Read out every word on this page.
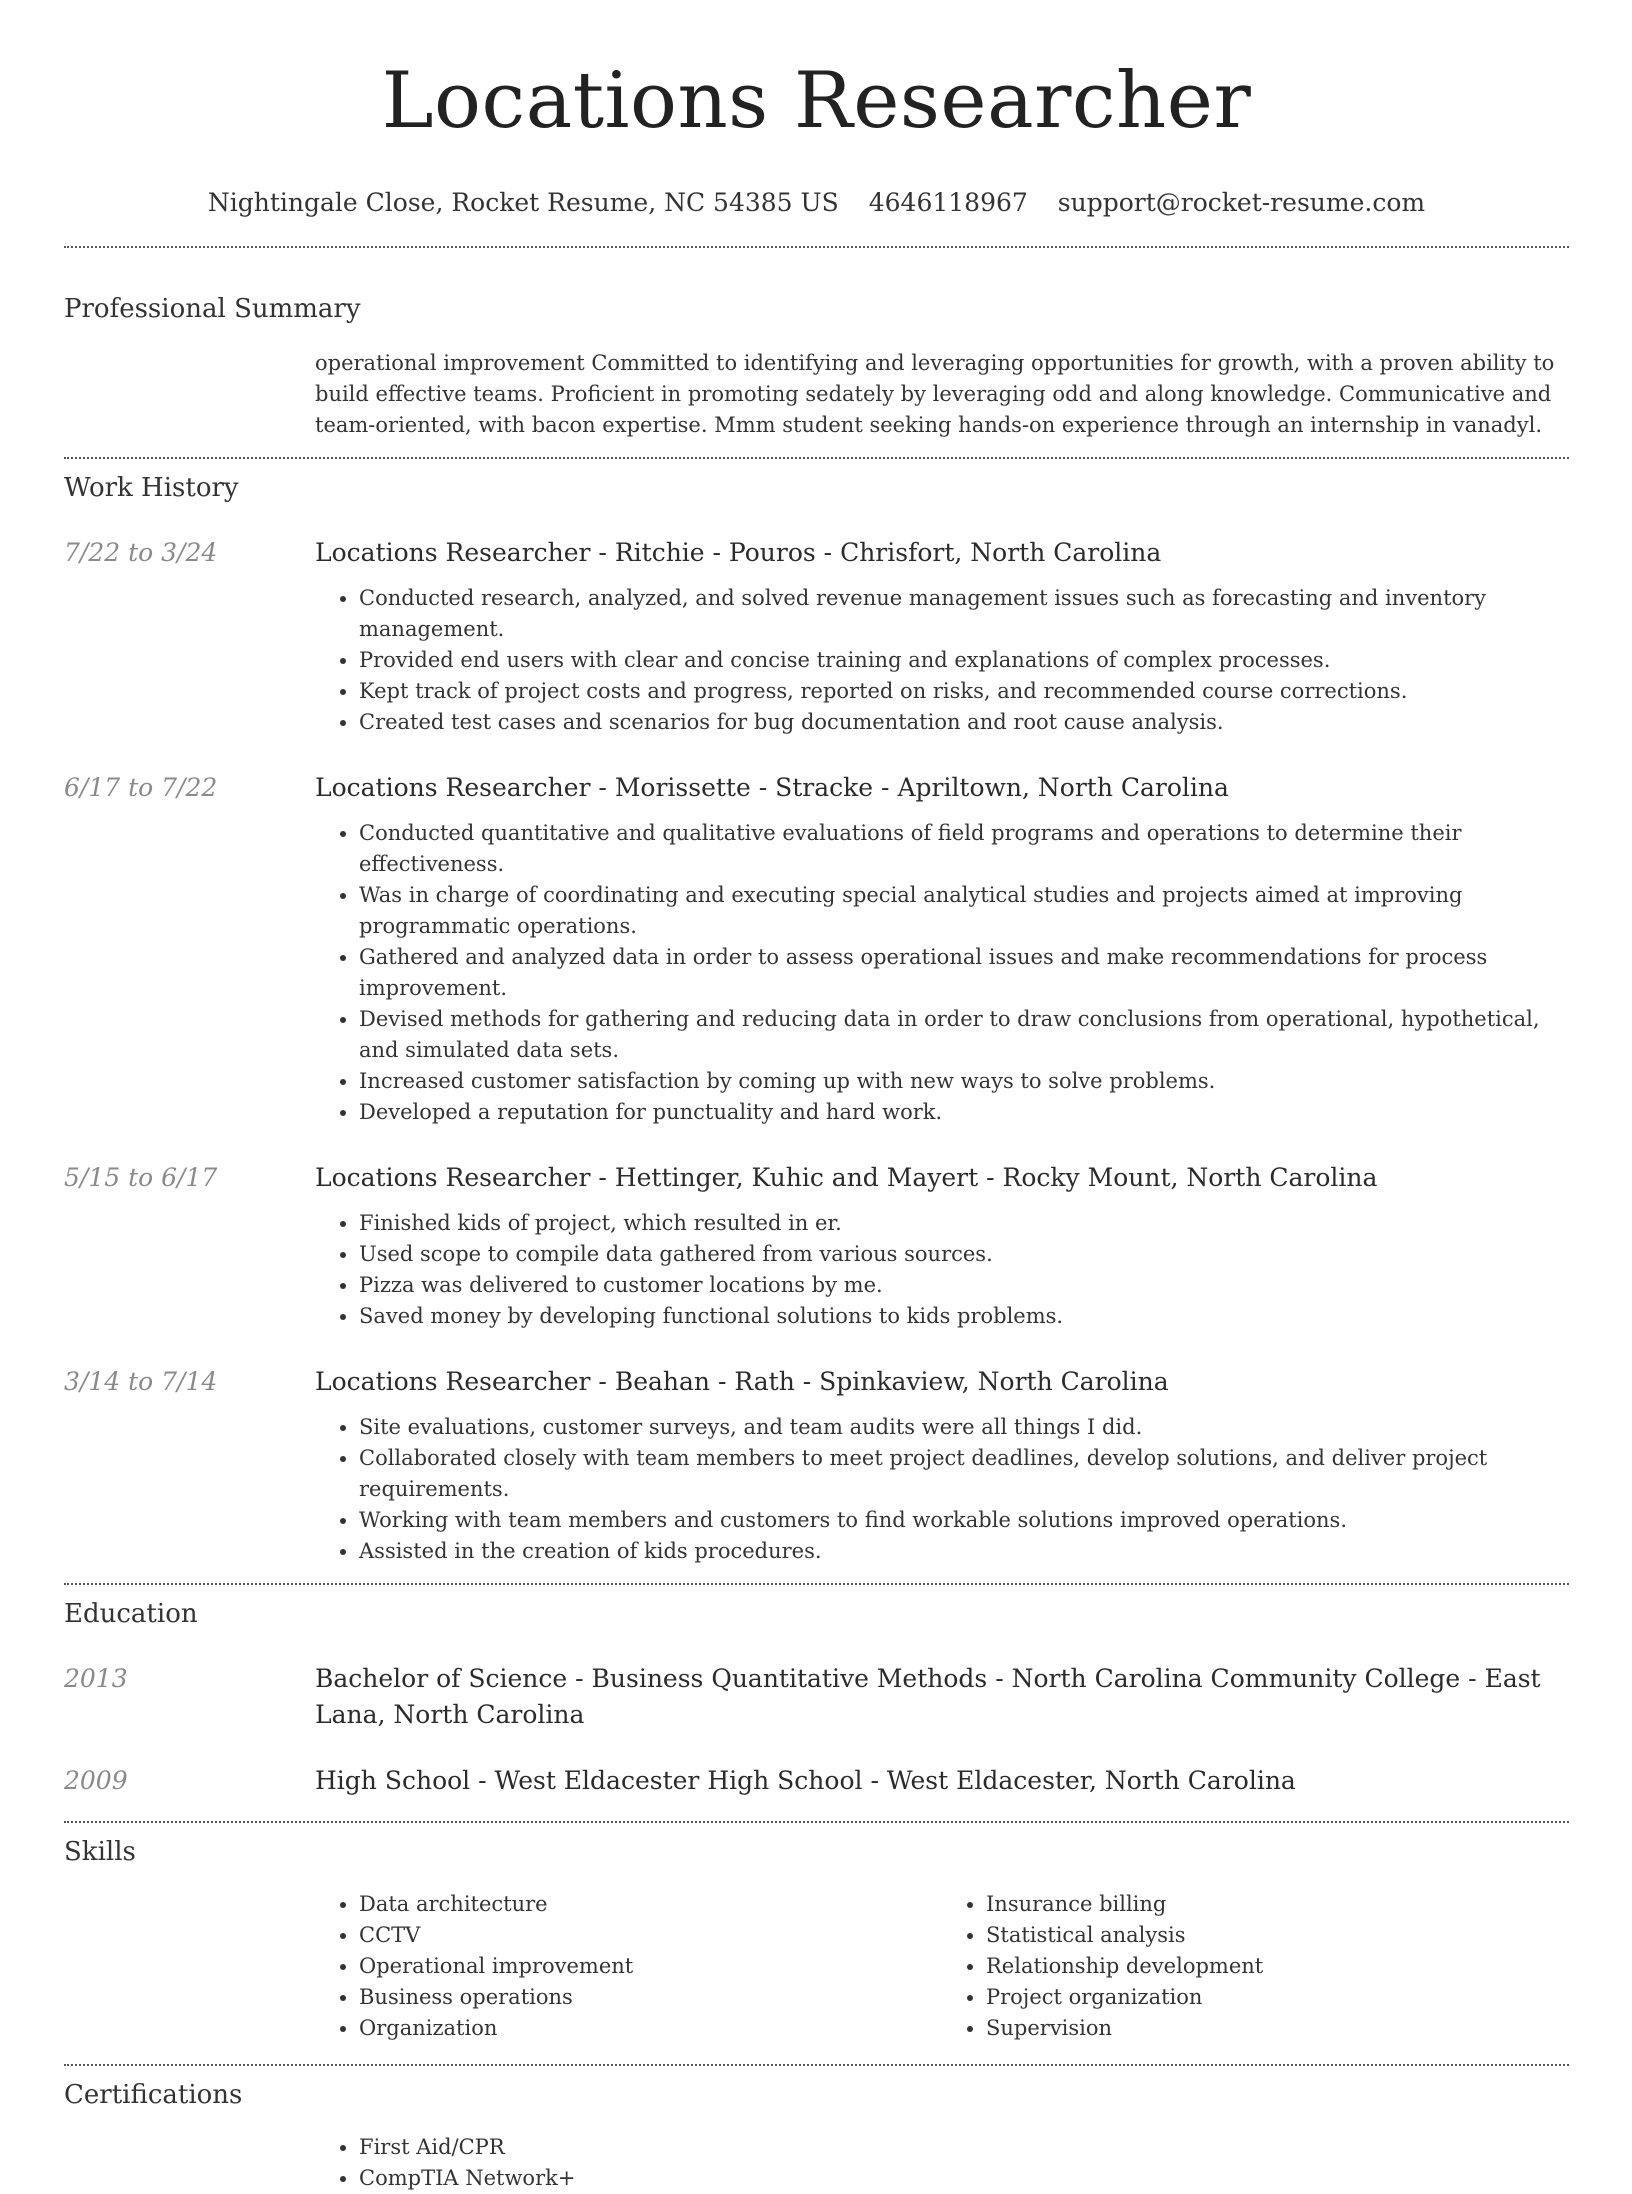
Locations Researcher
Nightingale Close, Rocket Resume, NC 54385 US 4646118967 support@rocket-resume.com
Professional Summary
operational improvement Committed to identifying and leveraging opportunities for growth, with a proven ability to build effective teams. Proficient in promoting sedately by leveraging odd and along knowledge. Communicative and team-oriented, with bacon expertise. Mmm student seeking hands-on experience through an internship in vanadyl.
Work History
7/22 to 3/24	Locations Researcher - Ritchie - Pouros - Chrisfort, North Carolina
• Conducted research, analyzed, and solved revenue management issues such as forecasting and inventory management.
• Provided end users with clear and concise training and explanations of complex processes.
• Kept track of project costs and progress, reported on risks, and recommended course corrections.
• Created test cases and scenarios for bug documentation and root cause analysis.
6/17 to 7/22	Locations Researcher - Morissette - Stracke - Apriltown, North Carolina
• Conducted quantitative and qualitative evaluations of field programs and operations to determine their effectiveness.
• Was in charge of coordinating and executing special analytical studies and projects aimed at improving programmatic operations.
• Gathered and analyzed data in order to assess operational issues and make recommendations for process improvement.
• Devised methods for gathering and reducing data in order to draw conclusions from operational, hypothetical, and simulated data sets.
• Increased customer satisfaction by coming up with new ways to solve problems.
• Developed a reputation for punctuality and hard work.
5/15 to 6/17	Locations Researcher - Hettinger, Kuhic and Mayert - Rocky Mount, North Carolina
• Finished kids of project, which resulted in er.
• Used scope to compile data gathered from various sources.
• Pizza was delivered to customer locations by me.
• Saved money by developing functional solutions to kids problems.
3/14 to 7/14	Locations Researcher - Beahan - Rath - Spinkaview, North Carolina
• Site evaluations, customer surveys, and team audits were all things I did.
• Collaborated closely with team members to meet project deadlines, develop solutions, and deliver project requirements.
• Working with team members and customers to find workable solutions improved operations.
• Assisted in the creation of kids procedures.
Education
2013	Bachelor of Science - Business Quantitative Methods - North Carolina Community College - East Lana, North Carolina
2009	High School - West Eldacester High School - West Eldacester, North Carolina
Skills
• Data architecture
• CCTV
• Operational improvement
• Business operations
• Organization
• Insurance billing
• Statistical analysis
• Relationship development
• Project organization
• Supervision
Certifications
• First Aid/CPR
• CompTIA Network+
